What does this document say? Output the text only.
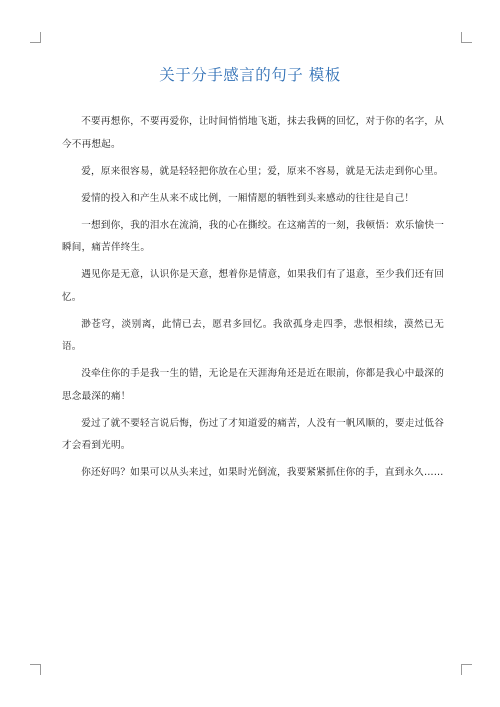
关于分手感言的句子 模板

不要再想你，不要再爱你，让时间悄悄地飞逝，抹去我俩的回忆，对于你的名字，从今不再想起。

爱，原来很容易，就是轻轻把你放在心里；爱，原来不容易，就是无法走到你心里。

爱情的投入和产生从来不成比例，一厢情愿的牺牲到头来感动的往往是自己！

一想到你，我的泪水在流淌，我的心在撕绞。在这痛苦的一刻，我顿悟：欢乐愉快一瞬间，痛苦伴终生。

遇见你是无意，认识你是天意，想着你是情意，如果我们有了退意，至少我们还有回忆。

渺苍穹，淡别离，此情已去，愿君多回忆。我欲孤身走四季，悲恨相续，漠然已无语。

没牵住你的手是我一生的错，无论是在天涯海角还是近在眼前，你都是我心中最深的思念最深的痛！

爱过了就不要轻言说后悔，伤过了才知道爱的痛苦，人没有一帆风顺的，要走过低谷才会看到光明。

你还好吗？如果可以从头来过，如果时光倒流，我要紧紧抓住你的手，直到永久……
